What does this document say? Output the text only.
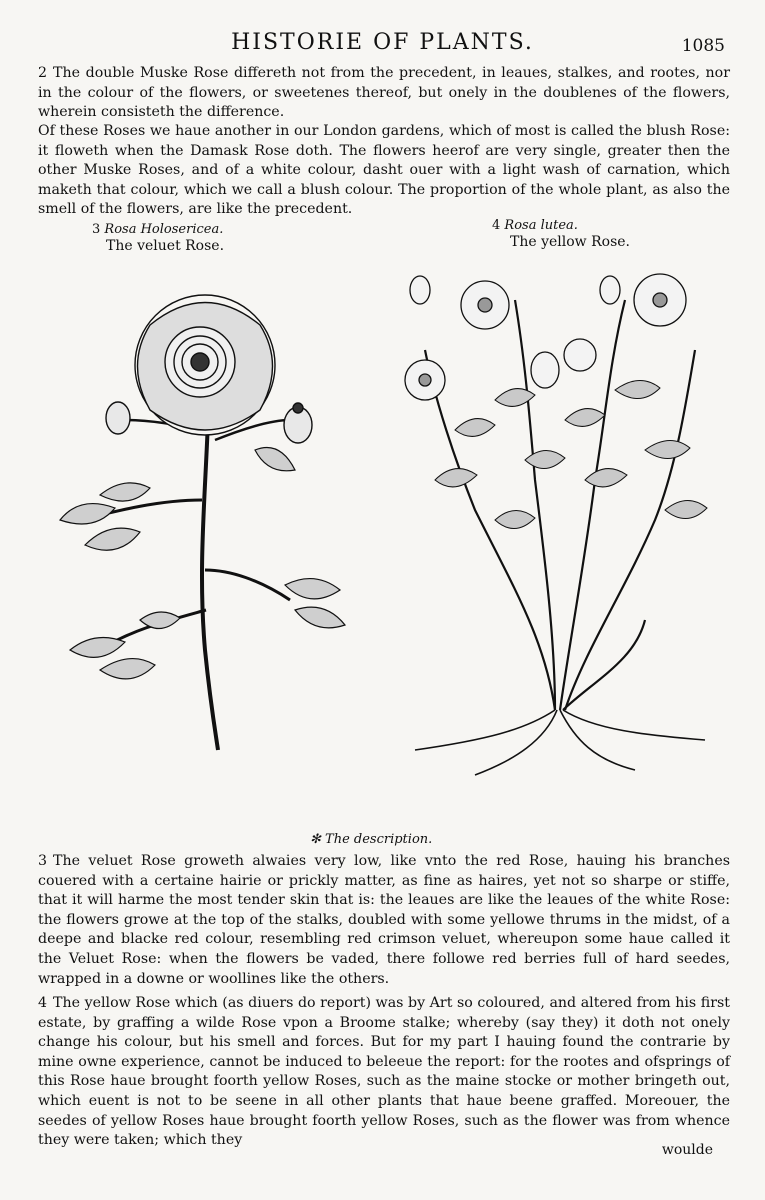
HISTORIE OF PLANTS.	1085
2 The double Muske Rose differeth not from the precedent, in leaues, stalkes, and rootes, nor in the colour of the flowers, or sweetenes thereof, but onely in the doublenes of the flowers, wherein consisteth the difference.
Of these Roses we haue another in our London gardens, which of most is called the blush Rose: it floweth when the Damask Rose doth. The flowers heerof are very single, greater then the other Muske Roses, and of a white colour, dasht ouer with a light wash of carnation, which maketh that colour, which we call a blush colour. The proportion of the whole plant, as also the smell of the flowers, are like the precedent.
3 Rosa Holosericea.
The veluet Rose.
4 Rosa lutea.
The yellow Rose.
✻ The description.
3 The veluet Rose groweth alwaies very low, like vnto the red Rose, hauing his branches couered with a certaine hairie or prickly matter, as fine as haires, yet not so sharpe or stiffe, that it will harme the most tender skin that is: the leaues are like the leaues of the white Rose: the flowers growe at the top of the stalks, doubled with some yellowe thrums in the midst, of a deepe and blacke red colour, resembling red crimson veluet, whereupon some haue called it the Veluet Rose: when the flowers be vaded, there followe red berries full of hard seedes, wrapped in a downe or woollines like the others.
4 The yellow Rose which (as diuers do report) was by Art so coloured, and altered from his first estate, by graffing a wilde Rose vpon a Broome stalke; whereby (say they) it doth not onely change his colour, but his smell and forces. But for my part I hauing found the contrarie by mine owne experience, cannot be induced to beleeue the report: for the rootes and ofsprings of this Rose haue brought foorth yellow Roses, such as the maine stocke or mother bringeth out, which euent is not to be seene in all other plants that haue beene graffed. Moreouer, the seedes of yellow Roses haue brought foorth yellow Roses, such as the flower was from whence they were taken; which they
woulde
